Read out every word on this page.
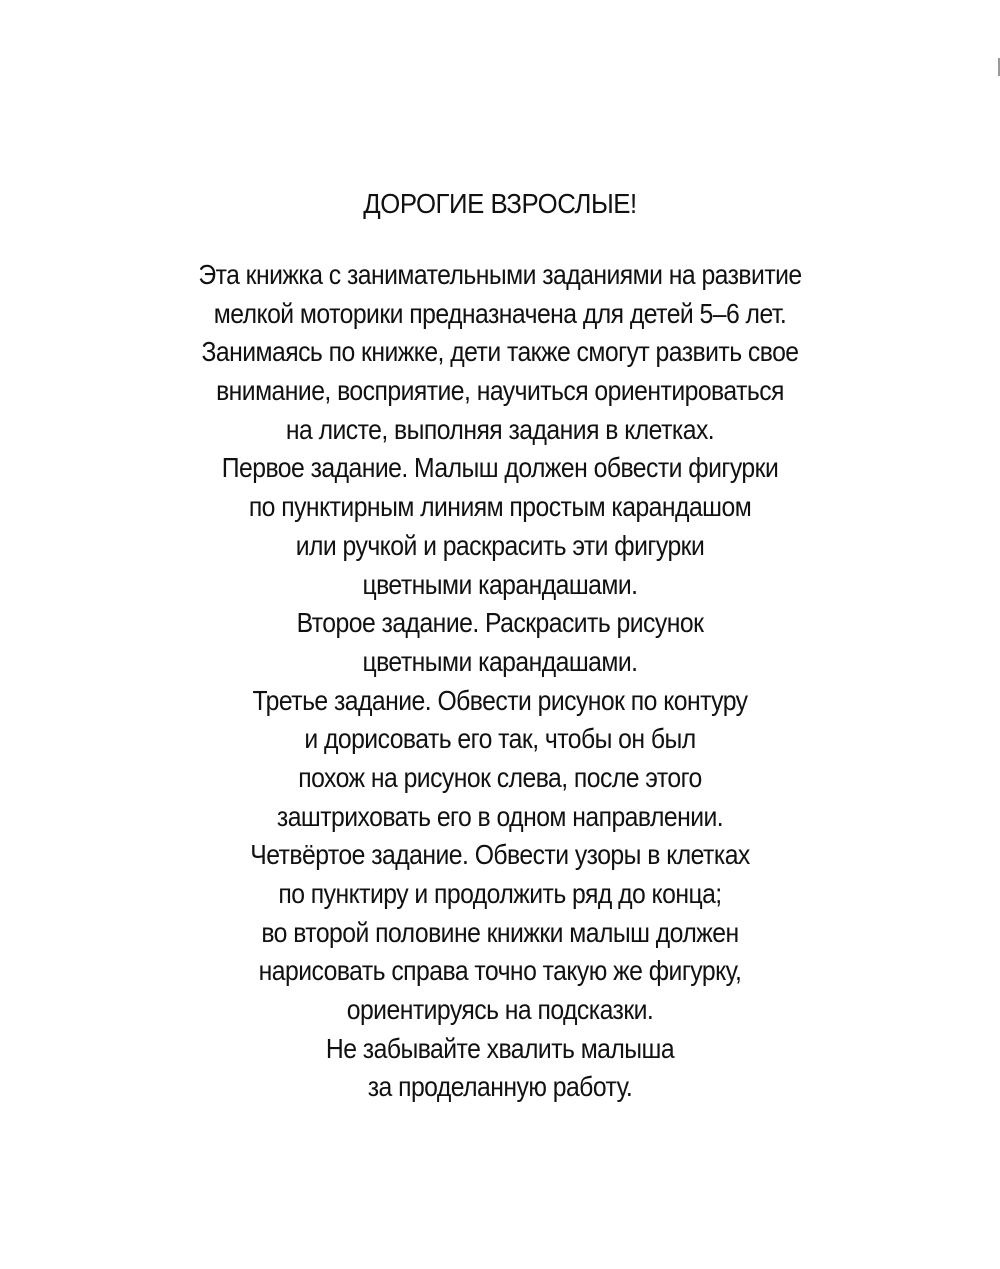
ДОРОГИЕ ВЗРОСЛЫЕ!
Эта книжка с занимательными заданиями на развитие
мелкой моторики предназначена для детей 5–6 лет.
Занимаясь по книжке, дети также смогут развить свое
внимание, восприятие, научиться ориентироваться
на листе, выполняя задания в клетках.
Первое задание. Малыш должен обвести фигурки
по пунктирным линиям простым карандашом
или ручкой и раскрасить эти фигурки
цветными карандашами.
Второе задание. Раскрасить рисунок
цветными карандашами.
Третье задание. Обвести рисунок по контуру
и дорисовать его так, чтобы он был
похож на рисунок слева, после этого
заштриховать его в одном направлении.
Четвёртое задание. Обвести узоры в клетках
по пунктиру и продолжить ряд до конца;
во второй половине книжки малыш должен
нарисовать справа точно такую же фигурку,
ориентируясь на подсказки.
Не забывайте хвалить малыша
за проделанную работу.
